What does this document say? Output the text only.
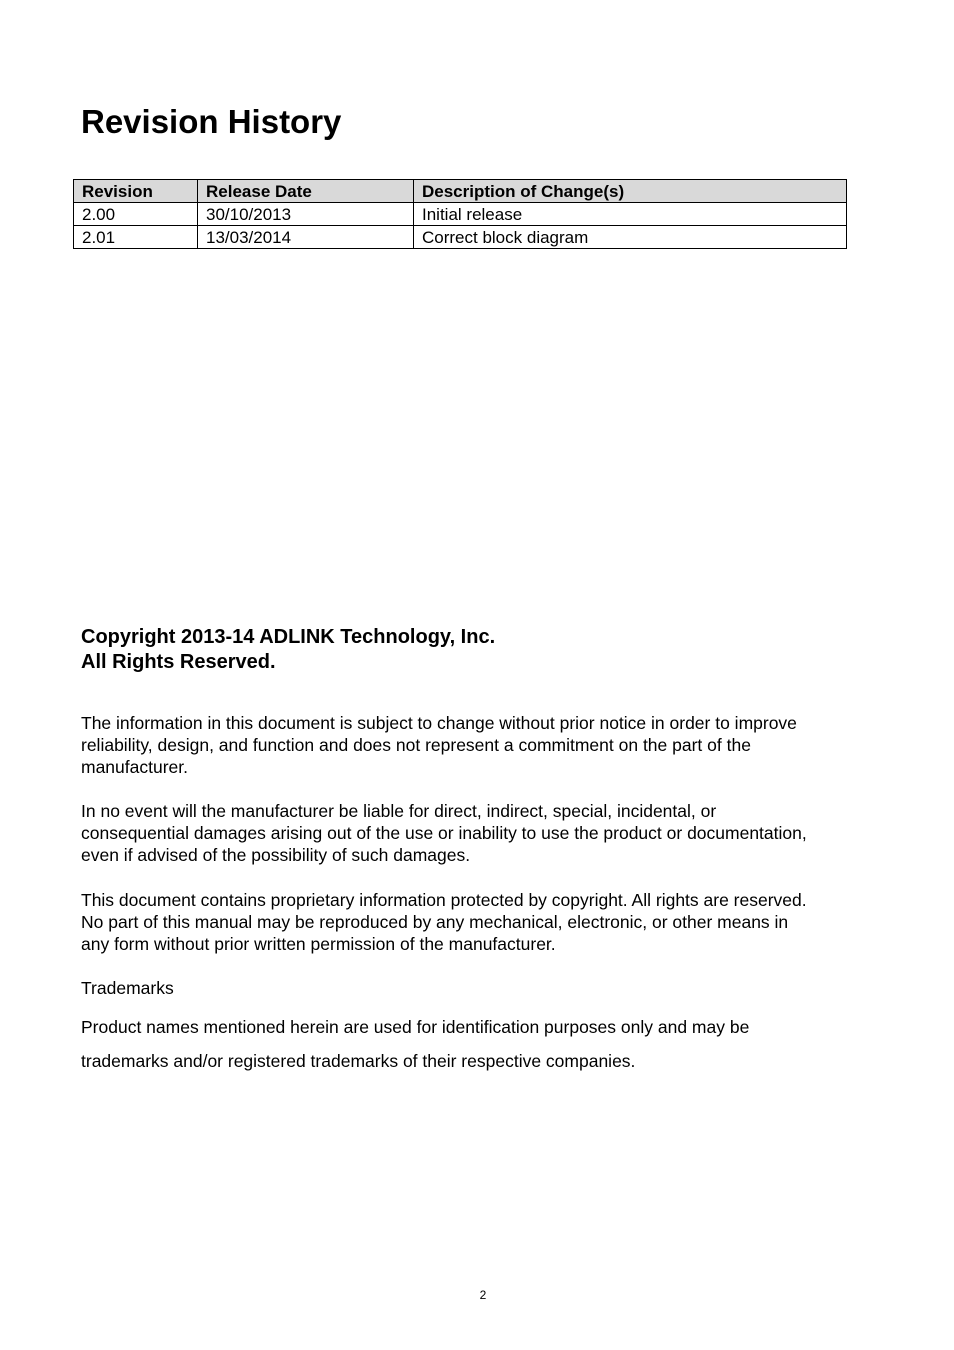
Revision History
Revision	Release Date	Description of Change(s)
2.00	30/10/2013	Initial release
2.01	13/03/2014	Correct block diagram
Copyright 2013-14 ADLINK Technology, Inc.
All Rights Reserved.

The information in this document is subject to change without prior notice in order to improve
reliability, design, and function and does not represent a commitment on the part of the
manufacturer.

In no event will the manufacturer be liable for direct, indirect, special, incidental, or
consequential damages arising out of the use or inability to use the product or documentation,
even if advised of the possibility of such damages.

This document contains proprietary information protected by copyright. All rights are reserved.
No part of this manual may be reproduced by any mechanical, electronic, or other means in
any form without prior written permission of the manufacturer.

Trademarks

Product names mentioned herein are used for identification purposes only and may be
trademarks and/or registered trademarks of their respective companies.

2
